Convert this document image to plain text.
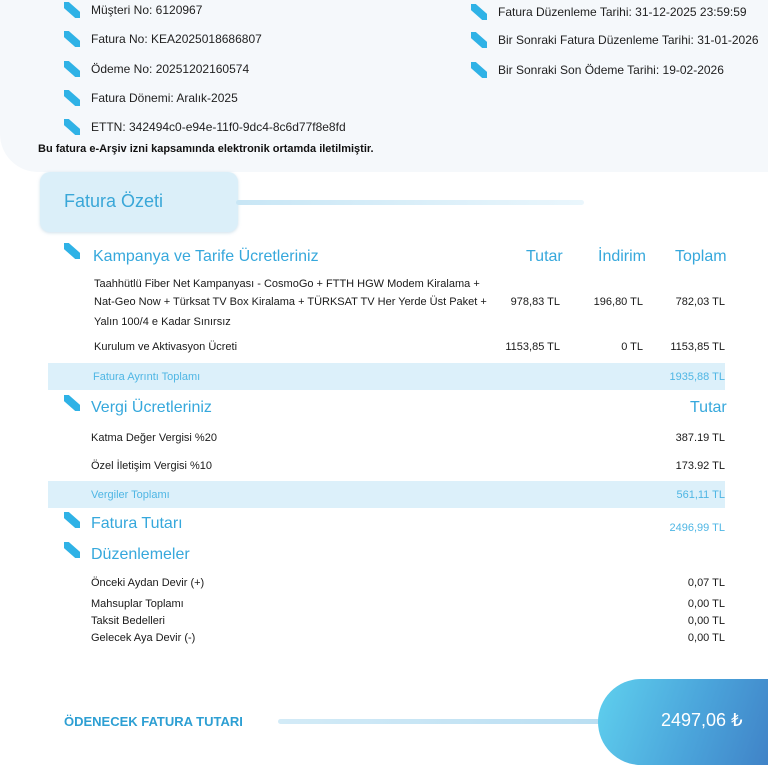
Müşteri No: 6120967
Fatura No: KEA2025018686807
Ödeme No: 20251202160574
Fatura Dönemi: Aralık-2025
ETTN: 342494c0-e94e-11f0-9dc4-8c6d77f8e8fd
Fatura Düzenleme Tarihi: 31-12-2025 23:59:59
Bir Sonraki Fatura Düzenleme Tarihi: 31-01-2026
Bir Sonraki Son Ödeme Tarihi: 19-02-2026
Bu fatura e-Arşiv izni kapsamında elektronik ortamda iletilmiştir.
Fatura Özeti
Kampanya ve Tarife Ücretleriniz	Tutar İndirim Toplam
Taahhütlü Fiber Net Kampanyası - CosmoGo + FTTH HGW Modem Kiralama +
Nat-Geo Now + Türksat TV Box Kiralama + TÜRKSAT TV Her Yerde Üst Paket +
Yalın 100/4 e Kadar Sınırsız
978,83 TL	196,80 TL	782,03 TL
Kurulum ve Aktivasyon Ücreti	1153,85 TL	0 TL 1153,85 TL
Fatura Ayrıntı Toplamı	1935,88 TL
Vergi Ücretleriniz	Tutar
Katma Değer Vergisi %20	387.19 TL
Özel İletişim Vergisi %10	173.92 TL
Vergiler Toplamı	561,11 TL
Fatura Tutarı	2496,99 TL
Düzenlemeler
Önceki Aydan Devir (+)	0,07 TL
Mahsuplar Toplamı	0,00 TL
Taksit Bedelleri	0,00 TL
Gelecek Aya Devir (-)	0,00 TL
ÖDENECEK FATURA TUTARI	2497,06 ₺
